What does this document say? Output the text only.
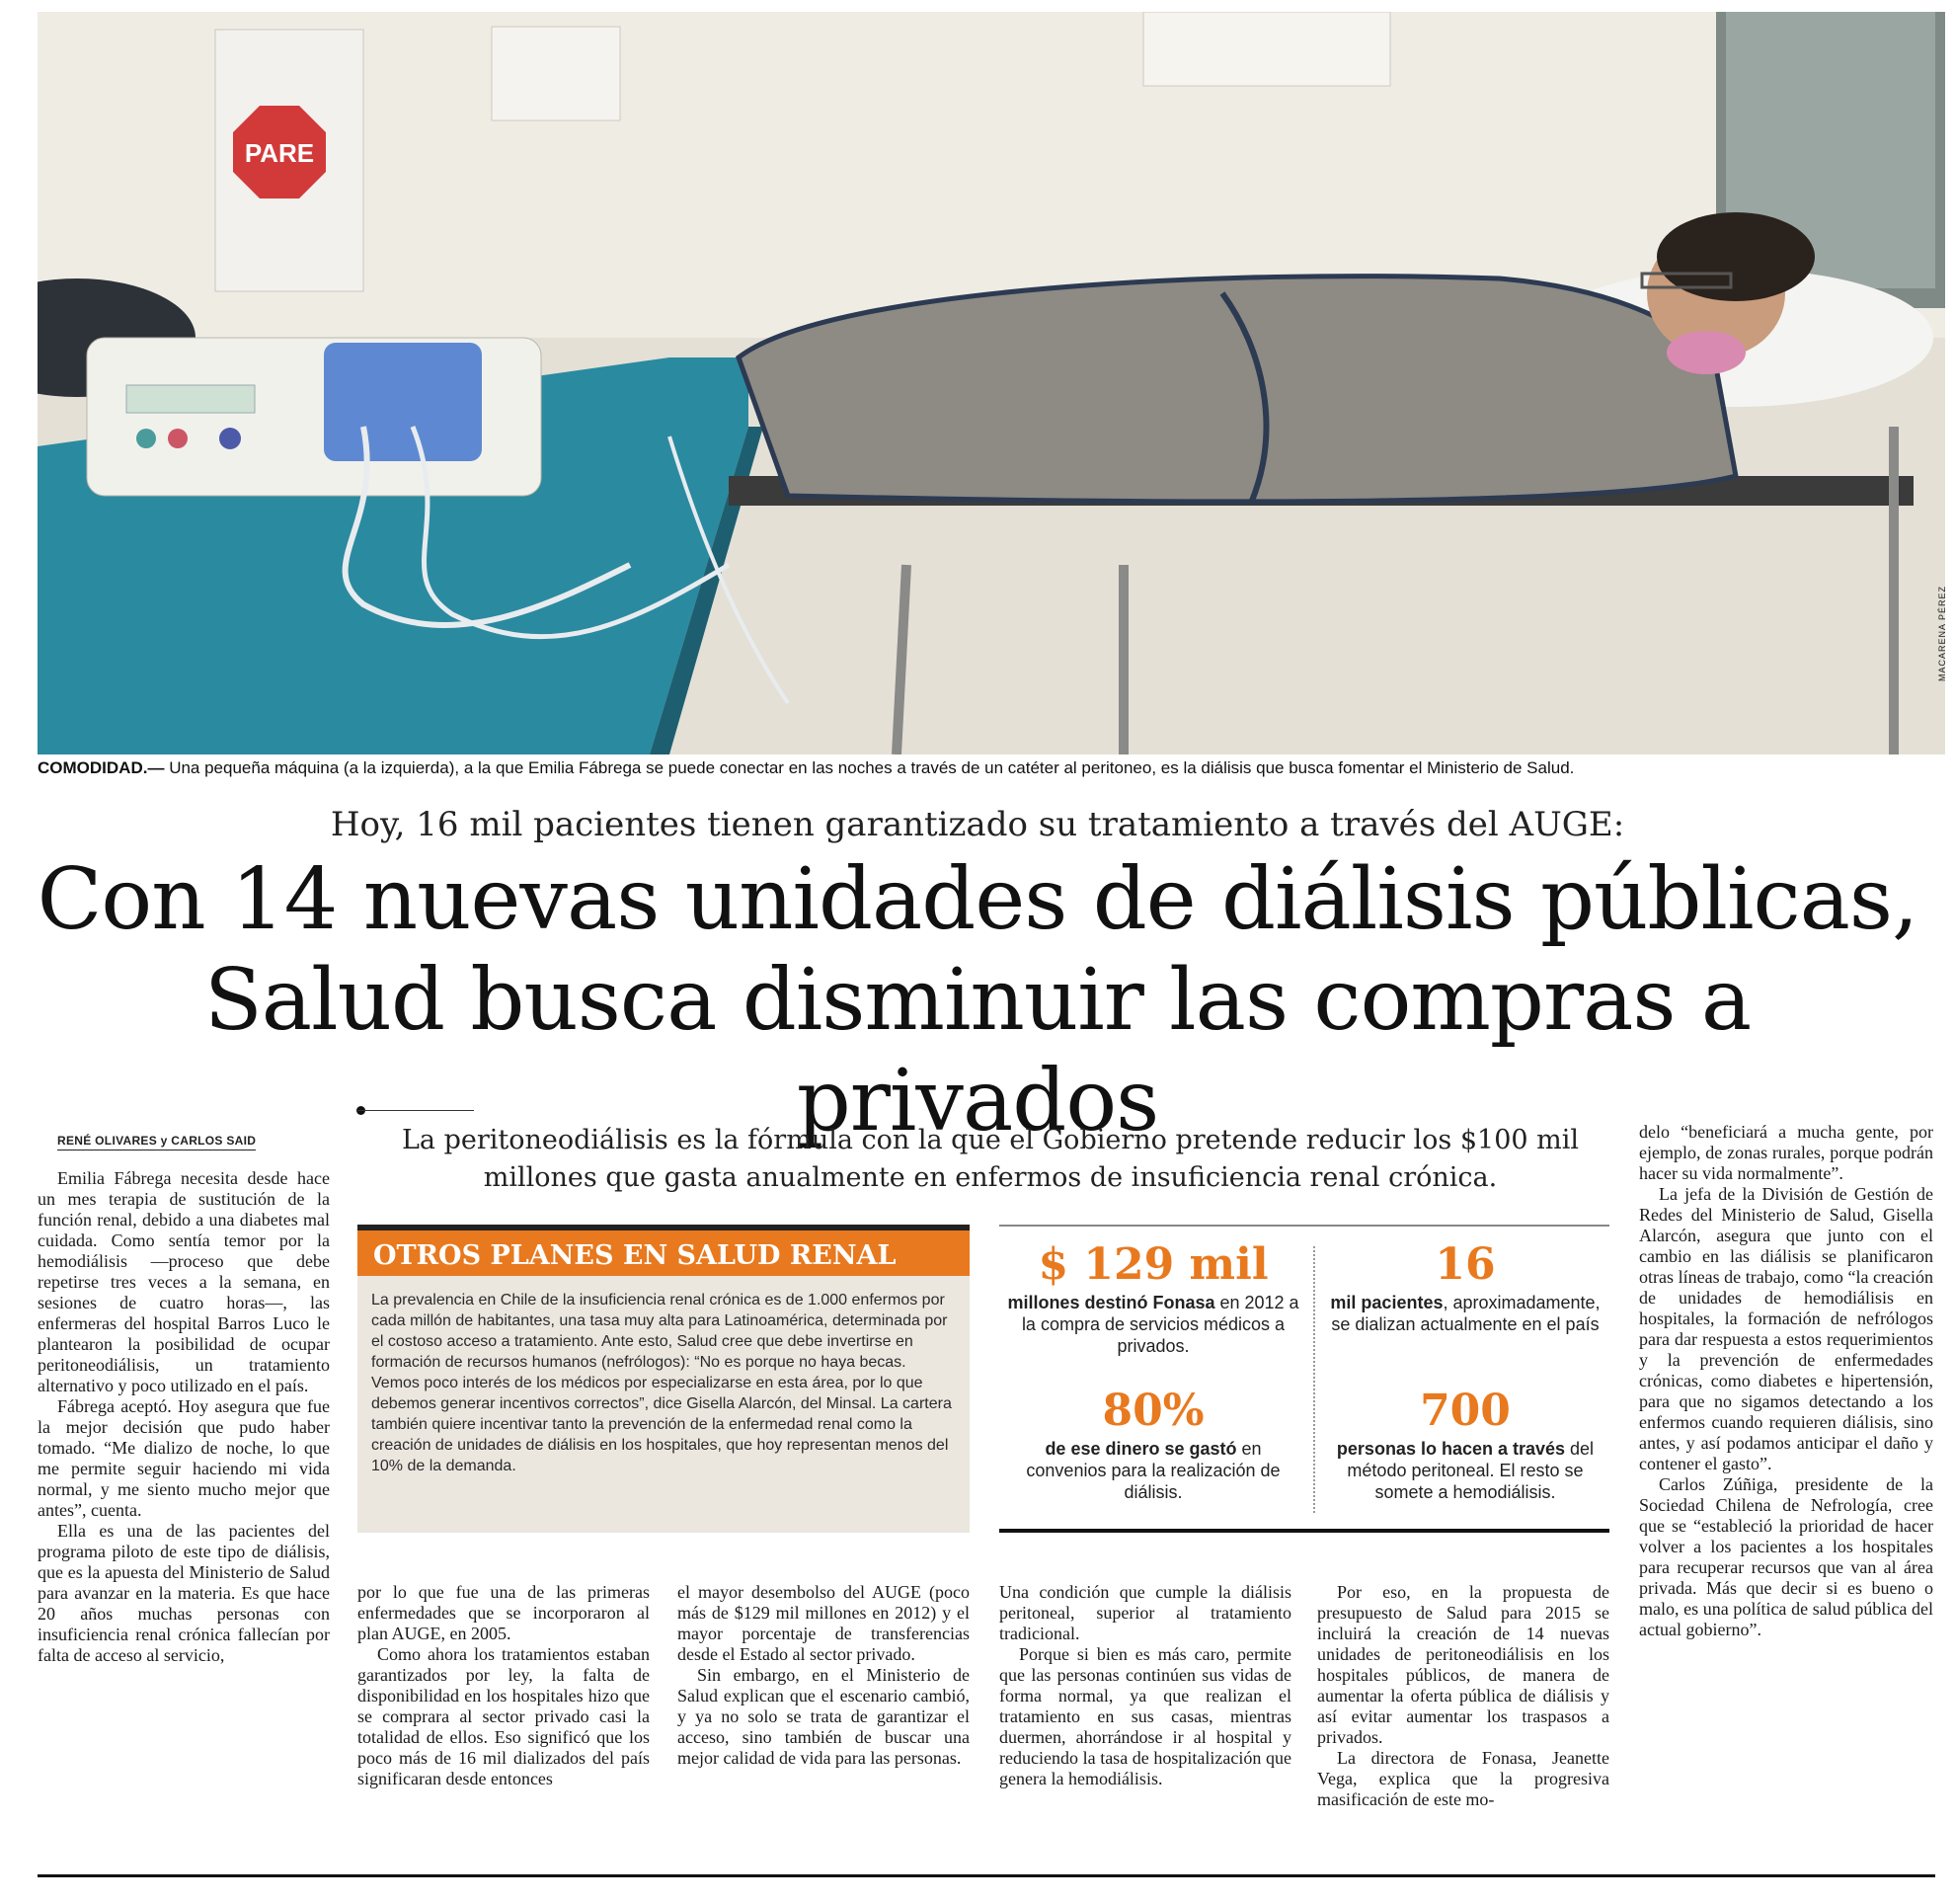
PARE
MACARENA PÉREZ
COMODIDAD.— Una pequeña máquina (a la izquierda), a la que Emilia Fábrega se puede conectar en las noches a través de un catéter al peritoneo, es la diálisis que busca fomentar el Ministerio de Salud.
Hoy, 16 mil pacientes tienen garantizado su tratamiento a través del AUGE:
Con 14 nuevas unidades de diálisis públicas,
Salud busca disminuir las compras a privados
RENÉ OLIVARES y CARLOS SAID	La peritoneodiálisis es la fórmula con la que el Gobierno pretende reducir los $100 mil millones que gasta anualmente en enfermos de insuficiencia renal crónica.

Emilia Fábrega necesita desde hace un mes terapia de sustitución de la función renal, debido a una diabetes mal cuidada. Como sentía temor por la hemodiálisis —proceso que debe repetirse tres veces a la semana, en sesiones de cuatro horas—, las enfermeras del hospital Barros Luco le plantearon la posibilidad de ocupar peritoneodiálisis, un tratamiento alternativo y poco utilizado en el país.

Fábrega aceptó. Hoy asegura que fue la mejor decisión que pudo haber tomado. “Me dializo de noche, lo que me permite seguir haciendo mi vida normal, y me siento mucho mejor que antes”, cuenta.

Ella es una de las pacientes del programa piloto de este tipo de diálisis, que es la apuesta del Ministerio de Salud para avanzar en la materia. Es que hace 20 años muchas personas con insuficiencia renal crónica fallecían por falta de acceso al servicio,

OTROS PLANES EN SALUD RENAL
La prevalencia en Chile de la insuficiencia renal crónica es de 1.000 enfermos por cada millón de habitantes, una tasa muy alta para Latinoamérica, determinada por el costoso acceso a tratamiento. Ante esto, Salud cree que debe invertirse en formación de recursos humanos (nefrólogos): “No es porque no haya becas. Vemos poco interés de los médicos por especializarse en esta área, por lo que debemos generar incentivos correctos”, dice Gisella Alarcón, del Minsal. La cartera también quiere incentivar tanto la prevención de la enfermedad renal como la creación de unidades de diálisis en los hospitales, que hoy representan menos del 10% de la demanda.
$ 129 mil
millones destinó Fonasa en 2012 a la compra de servicios médicos a privados.
16
mil pacientes, aproximadamente, se dializan actualmente en el país
80%
de ese dinero se gastó en convenios para la realización de diálisis.
700
personas lo hacen a través del método peritoneal. El resto se somete a hemodiálisis.

por lo que fue una de las primeras enfermedades que se incorporaron al plan AUGE, en 2005.

Como ahora los tratamientos estaban garantizados por ley, la falta de disponibilidad en los hospitales hizo que se comprara al sector privado casi la totalidad de ellos. Eso significó que los poco más de 16 mil dializados del país significaran desde entonces

el mayor desembolso del AUGE (poco más de $129 mil millones en 2012) y el mayor porcentaje de transferencias desde el Estado al sector privado.

Sin embargo, en el Ministerio de Salud explican que el escenario cambió, y ya no solo se trata de garantizar el acceso, sino también de buscar una mejor calidad de vida para las personas.

Una condición que cumple la diálisis peritoneal, superior al tratamiento tradicional.

Porque si bien es más caro, permite que las personas continúen sus vidas de forma normal, ya que realizan el tratamiento en sus casas, mientras duermen, ahorrándose ir al hospital y reduciendo la tasa de hospitalización que genera la hemodiálisis.

Por eso, en la propuesta de presupuesto de Salud para 2015 se incluirá la creación de 14 nuevas unidades de peritoneodiálisis en los hospitales públicos, de manera de aumentar la oferta pública de diálisis y así evitar aumentar los traspasos a privados.

La directora de Fonasa, Jeanette Vega, explica que la progresiva masificación de este mo-

delo “beneficiará a mucha gente, por ejemplo, de zonas rurales, porque podrán hacer su vida normalmente”.

La jefa de la División de Gestión de Redes del Ministerio de Salud, Gisella Alarcón, asegura que junto con el cambio en las diálisis se planificaron otras líneas de trabajo, como “la creación de unidades de hemodiálisis en hospitales, la formación de nefrólogos para dar respuesta a estos requerimientos y la prevención de enfermedades crónicas, como diabetes e hipertensión, para que no sigamos detectando a los enfermos cuando requieren diálisis, sino antes, y así podamos anticipar el daño y contener el gasto”.

Carlos Zúñiga, presidente de la Sociedad Chilena de Nefrología, cree que se “estableció la prioridad de hacer volver a los pacientes a los hospitales para recuperar recursos que van al área privada. Más que decir si es bueno o malo, es una política de salud pública del actual gobierno”.
